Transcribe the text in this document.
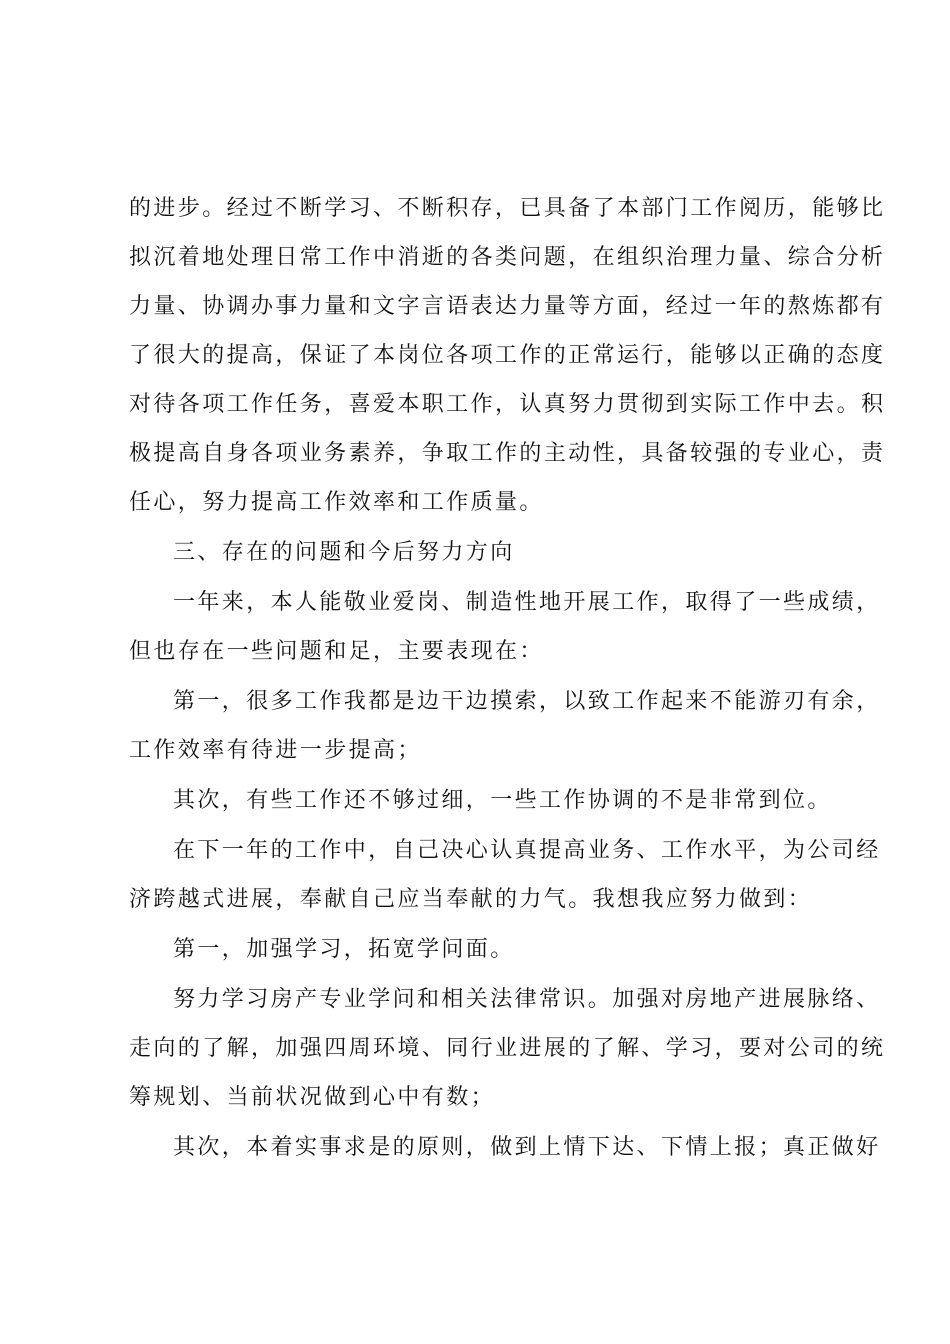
的进步。经过不断学习、不断积存，已具备了本部门工作阅历，能够比
拟沉着地处理日常工作中消逝的各类问题，在组织治理力量、综合分析
力量、协调办事力量和文字言语表达力量等方面，经过一年的熬炼都有
了很大的提高，保证了本岗位各项工作的正常运行，能够以正确的态度
对待各项工作任务，喜爱本职工作，认真努力贯彻到实际工作中去。积
极提高自身各项业务素养，争取工作的主动性，具备较强的专业心，责
任心，努力提高工作效率和工作质量。
三、存在的问题和今后努力方向
一年来，本人能敬业爱岗、制造性地开展工作，取得了一些成绩，
但也存在一些问题和足，主要表现在：
第一，很多工作我都是边干边摸索，以致工作起来不能游刃有余，
工作效率有待进一步提高；
其次，有些工作还不够过细，一些工作协调的不是非常到位。
在下一年的工作中，自己决心认真提高业务、工作水平，为公司经
济跨越式进展，奉献自己应当奉献的力气。我想我应努力做到：
第一，加强学习，拓宽学问面。
努力学习房产专业学问和相关法律常识。加强对房地产进展脉络、
走向的了解，加强四周环境、同行业进展的了解、学习，要对公司的统
筹规划、当前状况做到心中有数；
其次，本着实事求是的原则，做到上情下达、下情上报；真正做好
